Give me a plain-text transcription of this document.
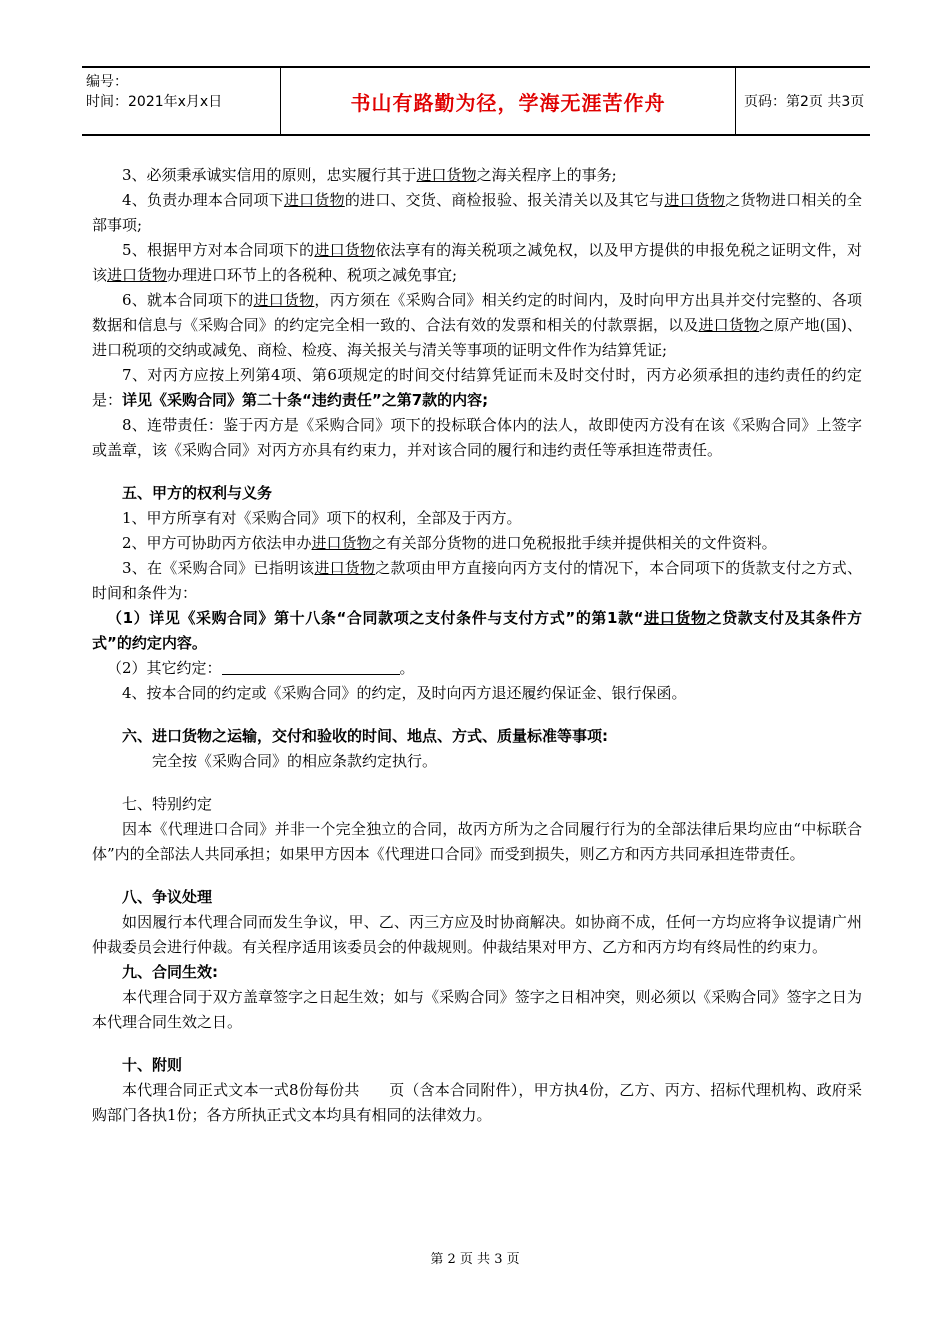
编号：
时间：2021年x月x日	书山有路勤为径，学海无涯苦作舟	页码：第2页 共3页

3、必须秉承诚实信用的原则，忠实履行其于进口货物之海关程序上的事务;

4、负责办理本合同项下进口货物的进口、交货、商检报验、报关清关以及其它与进口货物之货物进口相关的全部事项;

5、根据甲方对本合同项下的进口货物依法享有的海关税项之减免权，以及甲方提供的申报免税之证明文件，对该进口货物办理进口环节上的各税种、税项之减免事宜;

6、就本合同项下的进口货物，丙方须在《采购合同》相关约定的时间内，及时向甲方出具并交付完整的、各项数据和信息与《采购合同》的约定完全相一致的、合法有效的发票和相关的付款票据，以及进口货物之原产地(国)、进口税项的交纳或减免、商检、检疫、海关报关与清关等事项的证明文件作为结算凭证;

7、对丙方应按上列第4项、第6项规定的时间交付结算凭证而未及时交付时，丙方必须承担的违约责任的约定是：详见《采购合同》第二十条“违约责任”之第7款的内容;

8、连带责任：鉴于丙方是《采购合同》项下的投标联合体内的法人，故即使丙方没有在该《采购合同》上签字或盖章，该《采购合同》对丙方亦具有约束力，并对该合同的履行和违约责任等承担连带责任。

五、甲方的权利与义务

1、甲方所享有对《采购合同》项下的权利，全部及于丙方。

2、甲方可协助丙方依法申办进口货物之有关部分货物的进口免税报批手续并提供相关的文件资料。

3、在《采购合同》已指明该进口货物之款项由甲方直接向丙方支付的情况下，本合同项下的货款支付之方式、时间和条件为：

（1）详见《采购合同》第十八条“合同款项之支付条件与支付方式”的第1款“进口货物之贷款支付及其条件方式”的约定内容。

（2）其它约定：	。

4、按本合同的约定或《采购合同》的约定，及时向丙方退还履约保证金、银行保函。

六、进口货物之运输，交付和验收的时间、地点、方式、质量标准等事项:

完全按《采购合同》的相应条款约定执行。

七、特别约定

因本《代理进口合同》并非一个完全独立的合同，故丙方所为之合同履行行为的全部法律后果均应由“中标联合体”内的全部法人共同承担；如果甲方因本《代理进口合同》而受到损失，则乙方和丙方共同承担连带责任。

八、争议处理

如因履行本代理合同而发生争议，甲、乙、丙三方应及时协商解决。如协商不成，任何一方均应将争议提请广州仲裁委员会进行仲裁。有关程序适用该委员会的仲裁规则。仲裁结果对甲方、乙方和丙方均有终局性的约束力。

九、合同生效:

本代理合同于双方盖章签字之日起生效；如与《采购合同》签字之日相冲突，则必须以《采购合同》签字之日为本代理合同生效之日。

十、附则

本代理合同正式文本一式8份每份共      页（含本合同附件），甲方执4份，乙方、丙方、招标代理机构、政府采购部门各执1份；各方所执正式文本均具有相同的法律效力。

第 2 页 共 3 页
